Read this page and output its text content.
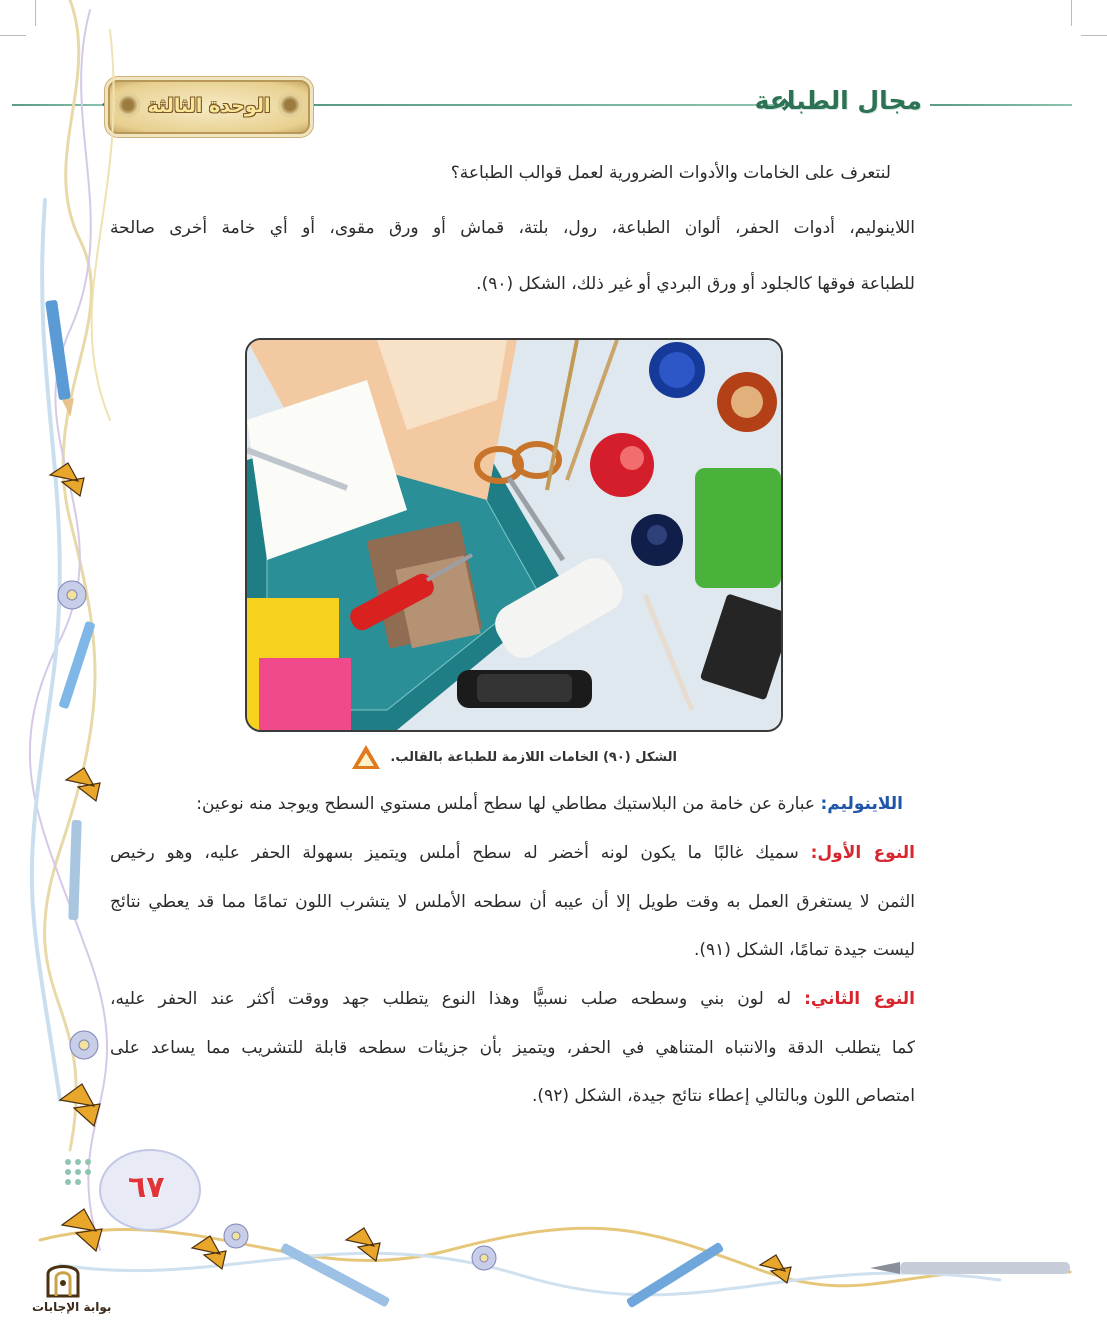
مجال الطباعة
الوحدة الثالثة
لنتعرف على الخامات والأدوات الضرورية لعمل قوالب الطباعة؟
اللاينوليم، أدوات الحفر، ألوان الطباعة، رول، بلتة، قماش أو ورق مقوى، أو أي خامة أخرى صالحة
للطباعة فوقها كالجلود أو ورق البردي أو غير ذلك، الشكل (٩٠).
الشكل (٩٠) الخامات اللازمة للطباعة بالقالب.
اللاينوليم: عبارة عن خامة من البلاستيك مطاطي لها سطح أملس مستوي السطح ويوجد منه نوعين:
النوع الأول: سميك غالبًا ما يكون لونه أخضر له سطح أملس ويتميز بسهولة الحفر عليه، وهو رخيص
الثمن لا يستغرق العمل به وقت طويل إلا أن عيبه أن سطحه الأملس لا يتشرب اللون تمامًا مما قد يعطي نتائج
ليست جيدة تمامًا، الشكل (٩١).
النوع الثاني: له لون بني وسطحه صلب نسبيًّا وهذا النوع يتطلب جهد ووقت أكثر عند الحفر عليه،
كما يتطلب الدقة والانتباه المتناهي في الحفر، ويتميز بأن جزيئات سطحه قابلة للتشريب مما يساعد على
امتصاص اللون وبالتالي إعطاء نتائج جيدة، الشكل (٩٢).
٦٧
بوابة الإجابات
